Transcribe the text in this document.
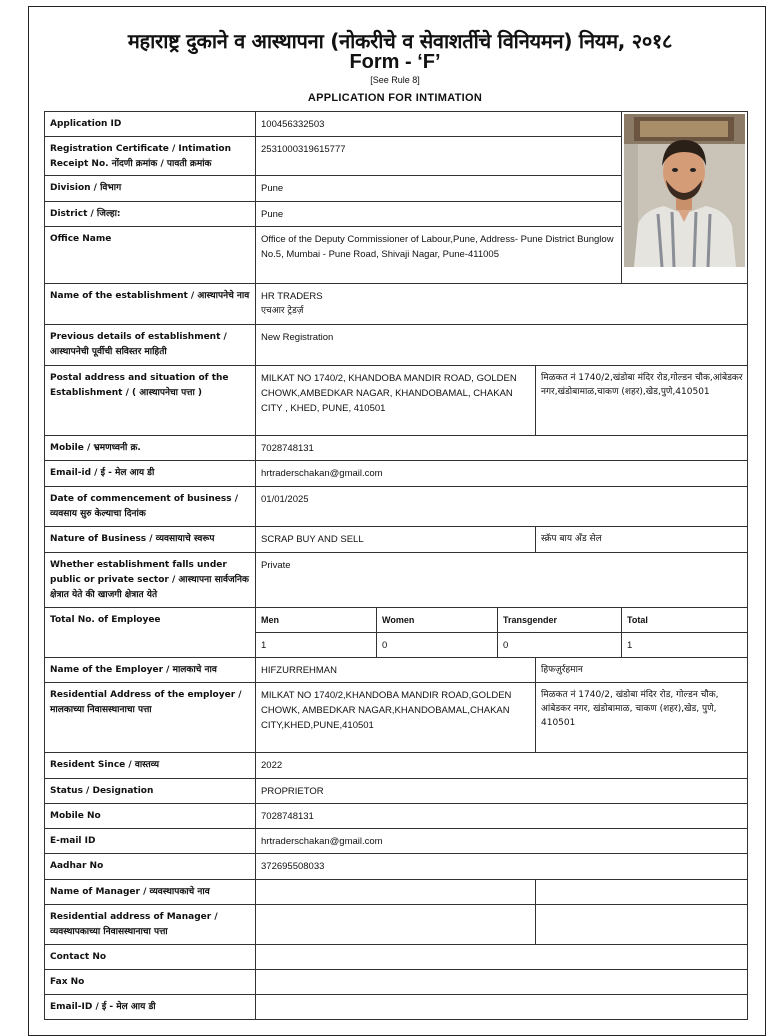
महाराष्ट्र दुकाने व आस्थापना (नोकरीचे व सेवाशर्तीचे विनियमन) नियम, २०१८
Form - ‘F’
[See Rule 8]
APPLICATION FOR INTIMATION
Application ID	100456332503	

Registration Certificate / Intimation Receipt No. नोंदणी क्रमांक / पावती क्रमांक	2531000319615777				
Division / विभाग	Pune				
District / जिल्हा:	Pune				
Office Name	Office of the Deputy Commissioner of Labour,Pune, Address- Pune District Bunglow No.5, Mumbai - Pune Road, Shivaji Nagar, Pune-411005				
Name of the establishment / आस्थापनेचे नाव	HR TRADERS
एचआर ट्रेडर्ज़				

Previous details of establishment / आस्थापनेची पूर्वीची सविस्तर माहिती	New Registration				
Postal address and situation of the Establishment / ( आस्थापनेचा पत्ता )	MILKAT NO 1740/2, KHANDOBA MANDIR ROAD, GOLDEN CHOWK,AMBEDKAR NAGAR, KHANDOBAMAL, CHAKAN CITY , KHED, PUNE, 410501			मिळकत नं 1740/2,खंडोबा मंदिर रोड,गोल्डन चौक,आंबेडकर नगर,खंडोबामाळ,चाकण (शहर),खेड,पुणे,410501	
Mobile / भ्रमणध्वनी क्र.	7028748131				
Email-id / ई - मेल आय डी	hrtraderschakan@gmail.com				
Date of commencement of business / व्यवसाय सुरु केल्याचा दिनांक	01/01/2025				
Nature of Business / व्यवसायाचे स्वरूप	SCRAP BUY AND SELL			स्क्रॅप बाय अँड सेल	
Whether establishment falls under public or private sector / आस्थापना सार्वजनिक क्षेत्रात येते की खाजगी क्षेत्रात येते	Private				
Total No. of Employee	Men	Women	Transgender		Total
	1	0	0		1
Name of the Employer / मालकाचे नाव	HIFZURREHMAN			हिफज़ुर्रहमान	
Residential Address of the employer / मालकाच्या निवासस्थानाचा पत्ता	MILKAT NO 1740/2,KHANDOBA MANDIR ROAD,GOLDEN CHOWK, AMBEDKAR NAGAR,KHANDOBAMAL,CHAKAN CITY,KHED,PUNE,410501			मिळकत नं 1740/2, खंडोबा मंदिर रोड, गोल्डन चौक, आंबेडकर नगर, खंडोबामाळ, चाकण (शहर),खेड, पुणे, 410501	
Resident Since / वास्तव्य	2022				
Status / Designation	PROPRIETOR				
Mobile No	7028748131				
E-mail ID	hrtraderschakan@gmail.com				
Aadhar No	372695508033				
Name of Manager / व्यवस्थापकाचे नाव					
Residential address of Manager / व्यवस्थापकाच्या निवासस्थानाचा पत्ता					
Contact No					
Fax No					
Email-ID / ई - मेल आय डी					
